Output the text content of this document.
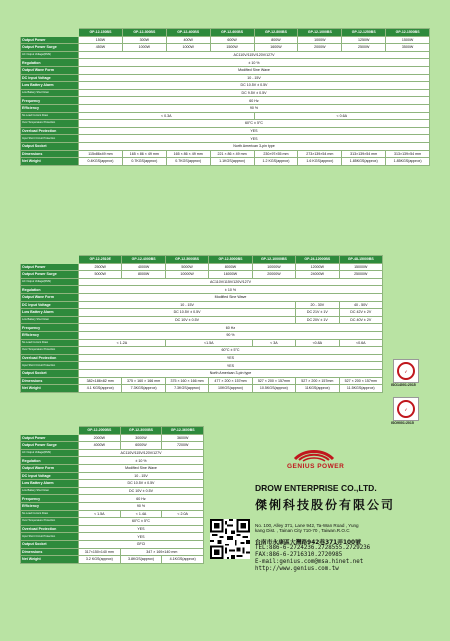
	GP-12-150BS	GP-12-300BS	GP-12-400BS	GP-12-600BS	GP-12-800BS	GP-12-1000BS	GP-12-1250BS	GP-12-1500BS
Output Power	150W	300W	400W	600W	800W	1000W	1250W	1500W
Output Power Surge	450W	1000W	1000W	1500W	1600W	2000W	2500W	3500W
AC Output Voltage(RMS)	AC110V/115V/120V/127V							
Regulation	± 10 %							
Output Wave Form	Modified Sine Wave							
DC Input Voltage	10 - 15V							
Low Battery Alarm	DC 10.5V ± 0.5V							
Low Battery Shut Down	DC 9.5V ± 0.5V							
Frequency	60 Hz							
Efficiency	90 %							
No Load Current Draw	< 0.3A				< 0.6A			
Over Temperature Protection	60°C ± 5°C							
Overload Protection	YES							
Input Short Circuit Protection	YES							
Output Socket	North American 3-pin type							
Dimensions	115x86x49 mm	165 × 86 × 49 mm	165 × 86 × 49 mm	221 × 86 × 49 mm	230×97×55 mm	273×139×54 mm	313×139×54 mm	313×139×54 mm
Net Weight	0.4KGS(approx)	0.7KGS(approx)	0.7KGS(approx)	1.1KGS(approx)	1.2 KGS(approx)	1.6 KGS(approx)	1.85KGS(approx)	1.85KGS(approx)
	GP-12-2510E	GP-12-4000BS	GP-12-5000BS	GP-12-8000BS	GP-12-10000BS	GP-24-12000BS	GP-48-15000BS
Output Power	2500W	4000W	5000W	8000W	10000W	12000W	15000W
Output Power Surge	5000W	8000W	10000W	16000W	20000W	24000W	25000W
AC Output Voltage(RMS)	AC110V/115V/120V/127V						
Regulation	± 10 %						
Output Wave Form	Modified Sine Wave						
DC Input Voltage	10 - 15V					20 - 30V	40 - 50V
Low Battery Alarm	DC 10.5V ± 0.5V					DC 21V ± 1V	DC 42V ± 2V
Low Battery Shut Down	DC 10V ± 0.5V					DC 20V ± 1V	DC 40V ± 2V
Frequency	60 Hz						
Efficiency	90 %						
No Load Current Draw	< 1.2A		<1.5A		< 3A	<0.8A	<0.6A
Over Temperature Protection	60°C ± 5°C						
Overload Protection	YES						
Input Short Circuit Protection	YES						
Output Socket	North American 3-pin type						
Dimensions	382×186×82 mm	375 × 160 × 166 mm	375 × 160 × 166 mm	477 × 200 × 157mm	527 × 200 × 157mm	527 × 200 × 157mm	527 × 200 × 157mm
Net Weight	4.1 KGS(approx)	7.3KGS(approx)	7.3KGS(approx)	10KGS(approx)	10.5KGS(approx)	11KGS(approx)	11.5KGS(approx)
✓
ISO14001:2015
✓
ISO9001:2015
	GP-12-2000BS	GP-12-3000BS	GP-12-3600BS
Output Power	2000W	3000W	3600W
Output Power Surge	4000W	6000W	7200W
AC Output Voltage(RMS)	AC110V/115V/120V/127V		
Regulation	± 10 %		
Output Wave Form	Modified Sine Wave		
DC Input Voltage	10 - 15V		
Low Battery Alarm	DC 10.5V ± 0.5V		
Low Battery Shut Down	DC 10V ± 0.5V		
Frequency	60 Hz		
Efficiency	90 %		
No Load Current Draw	< 1.5A	< 1.4A	< 2.0A
Over Temperature Protection	60°C ± 5°C		
Overload Protection	YES		
Input Short Circuit Protection	YES		
Output Socket	GFCI		
Dimensions	317×150×140 mm	347 × 169×140 mm	
Net Weight	3.2 KGS(approx)	3.8KGS(approx)	4.1KGS(approx)
GENIUS POWER
DROW ENTERPRISE CO.,LTD.
傑俐科技股份有限公司
No. 100, Alley 371, Lane 942, Ta-Wan Road , Yung
kang Dist. , Tainan City 710-70 , Taiwan.R.O.C
台南市永康區大灣路942巷371弄100號
TEL:886-6-2724236.2728555.2729236
FAX:886-6-2716310.2720985
E-mail:genius.com@msa.hinet.net
http://www.genius.com.tw
